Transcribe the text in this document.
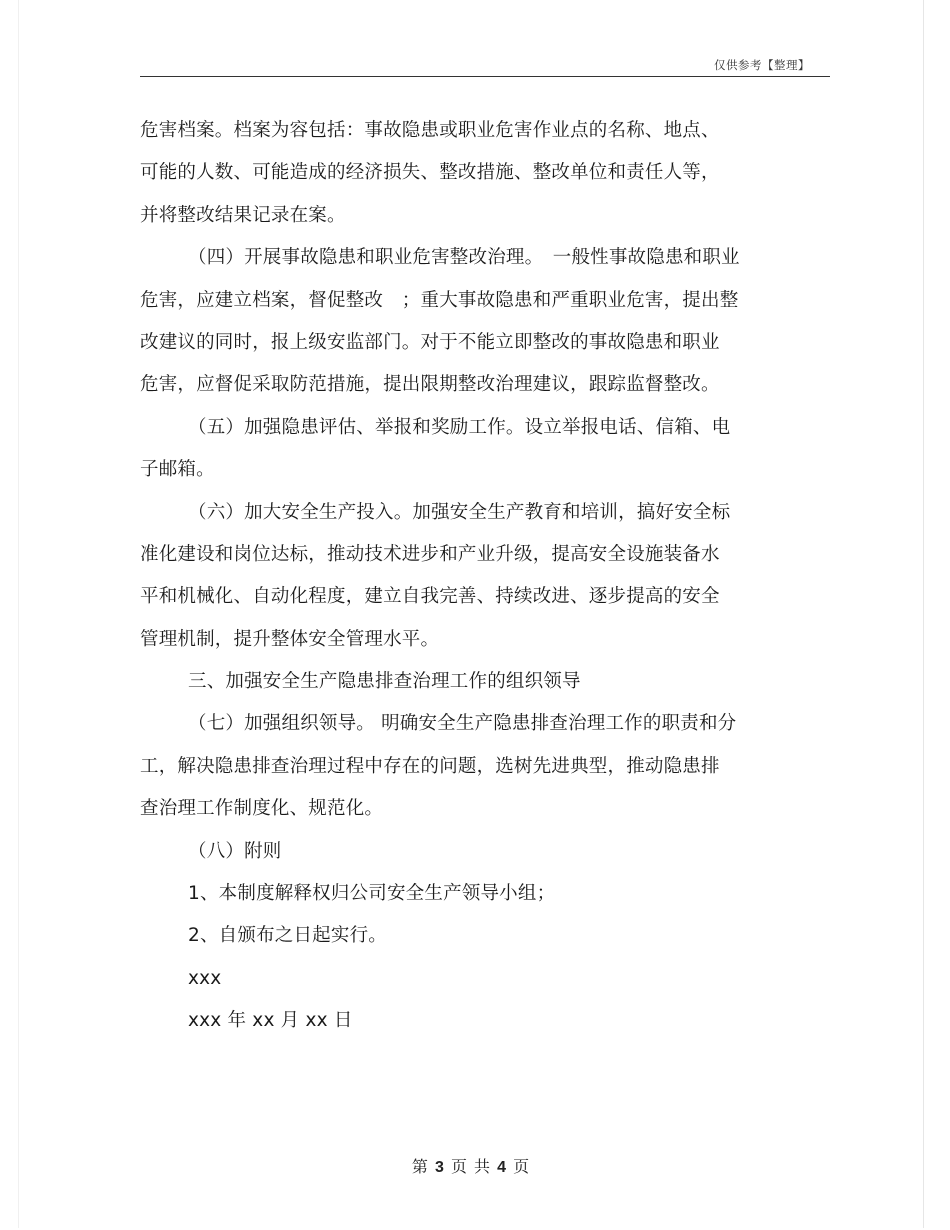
仅供参考【整理】
危害档案。档案为容包括：事故隐患或职业危害作业点的名称、地点、
可能的人数、可能造成的经济损失、整改措施、整改单位和责任人等，
并将整改结果记录在案。
（四）开展事故隐患和职业危害整改治理。　一般性事故隐患和职业
危害，应建立档案，督促整改　；重大事故隐患和严重职业危害，提出整
改建议的同时，报上级安监部门。对于不能立即整改的事故隐患和职业
危害，应督促采取防范措施，提出限期整改治理建议，跟踪监督整改。
（五）加强隐患评估、举报和奖励工作。设立举报电话、信箱、电
子邮箱。
（六）加大安全生产投入。加强安全生产教育和培训，搞好安全标
准化建设和岗位达标，推动技术进步和产业升级，提高安全设施装备水
平和机械化、自动化程度，建立自我完善、持续改进、逐步提高的安全
管理机制，提升整体安全管理水平。
三、加强安全生产隐患排查治理工作的组织领导
（七）加强组织领导。 明确安全生产隐患排查治理工作的职责和分
工，解决隐患排查治理过程中存在的问题，选树先进典型，推动隐患排
查治理工作制度化、规范化。
（八）附则
1、本制度解释权归公司安全生产领导小组；
2、自颁布之日起实行。
xxx
xxx 年 xx 月 xx 日
第 3 页 共 4 页
